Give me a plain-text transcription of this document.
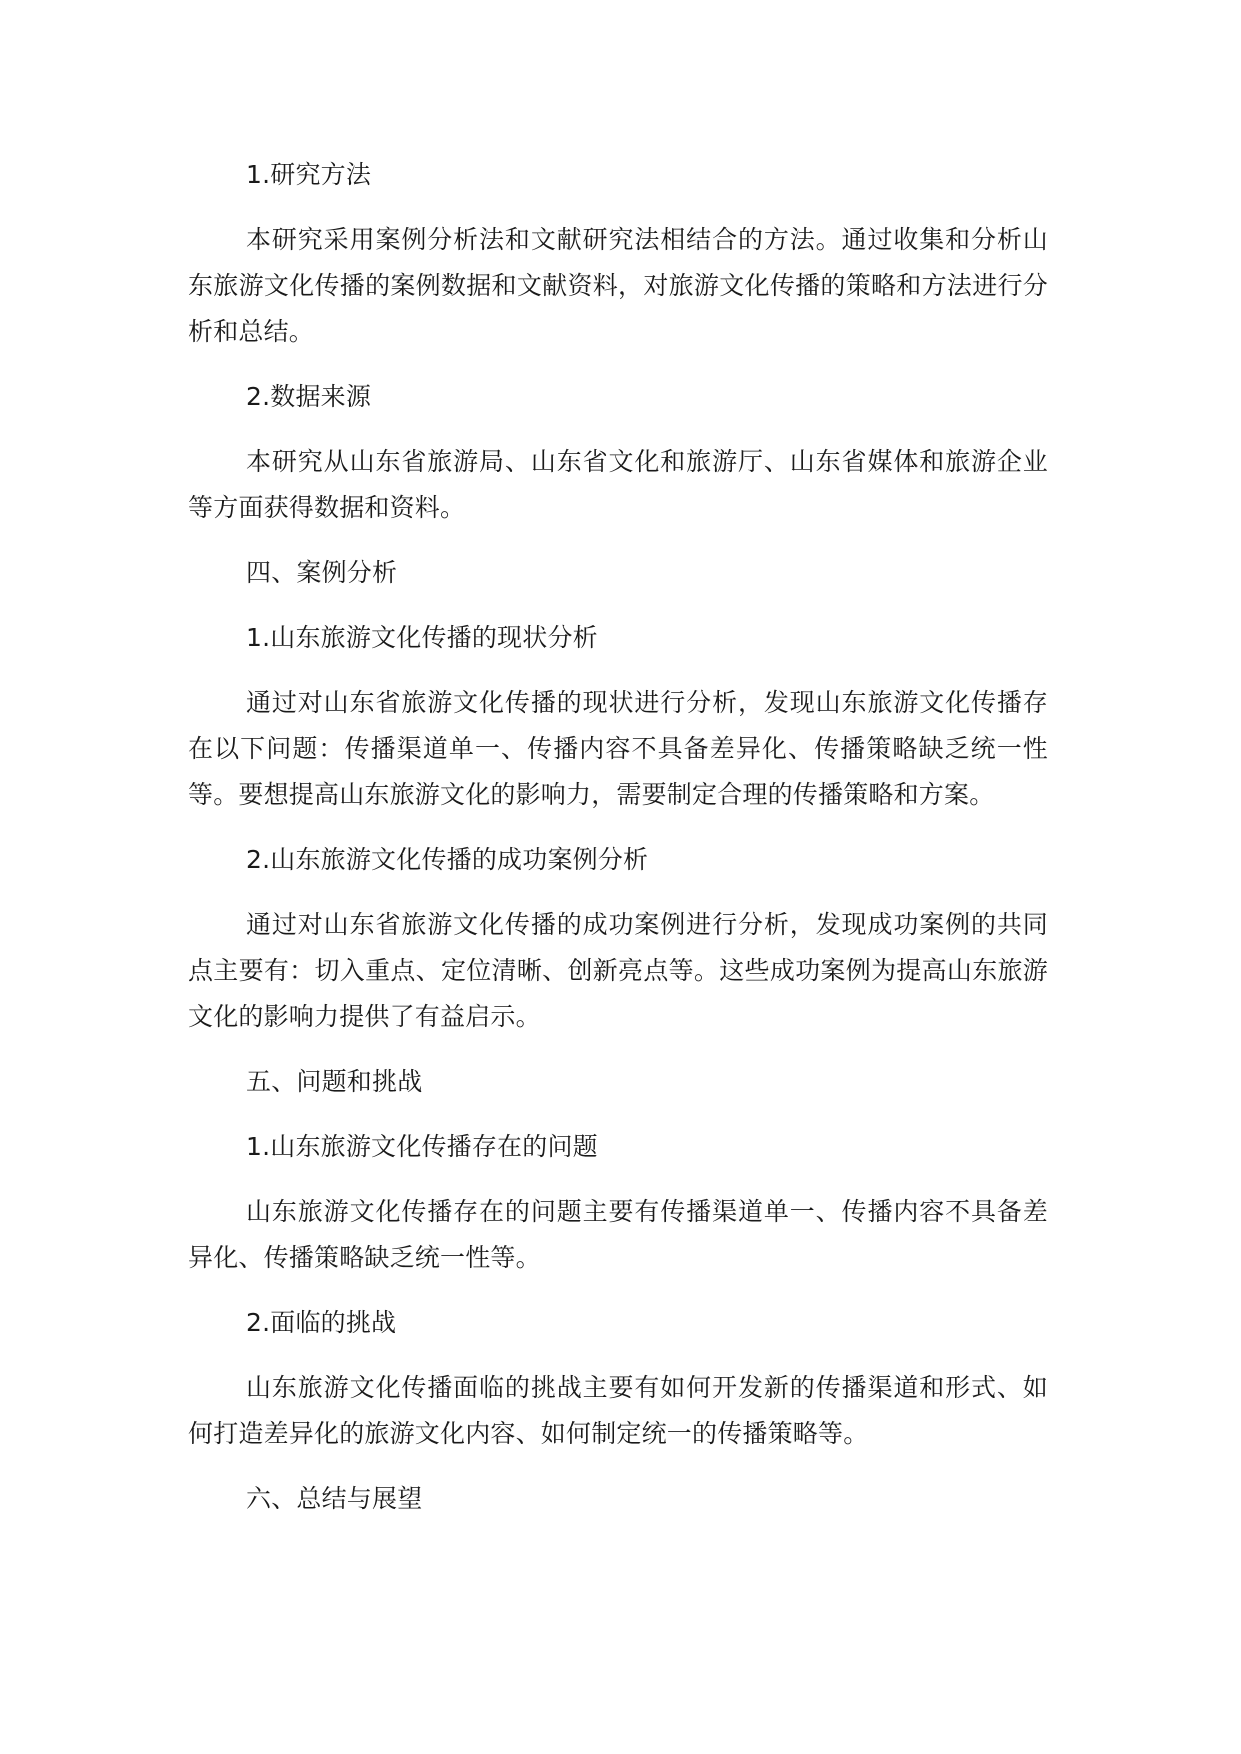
1.研究方法

本研究采用案例分析法和文献研究法相结合的方法。通过收集和分析山东旅游文化传播的案例数据和文献资料，对旅游文化传播的策略和方法进行分析和总结。

2.数据来源

本研究从山东省旅游局、山东省文化和旅游厅、山东省媒体和旅游企业等方面获得数据和资料。

四、案例分析

1.山东旅游文化传播的现状分析

通过对山东省旅游文化传播的现状进行分析，发现山东旅游文化传播存在以下问题：传播渠道单一、传播内容不具备差异化、传播策略缺乏统一性等。要想提高山东旅游文化的影响力，需要制定合理的传播策略和方案。

2.山东旅游文化传播的成功案例分析

通过对山东省旅游文化传播的成功案例进行分析，发现成功案例的共同点主要有：切入重点、定位清晰、创新亮点等。这些成功案例为提高山东旅游文化的影响力提供了有益启示。

五、问题和挑战

1.山东旅游文化传播存在的问题

山东旅游文化传播存在的问题主要有传播渠道单一、传播内容不具备差异化、传播策略缺乏统一性等。

2.面临的挑战

山东旅游文化传播面临的挑战主要有如何开发新的传播渠道和形式、如何打造差异化的旅游文化内容、如何制定统一的传播策略等。

六、总结与展望
